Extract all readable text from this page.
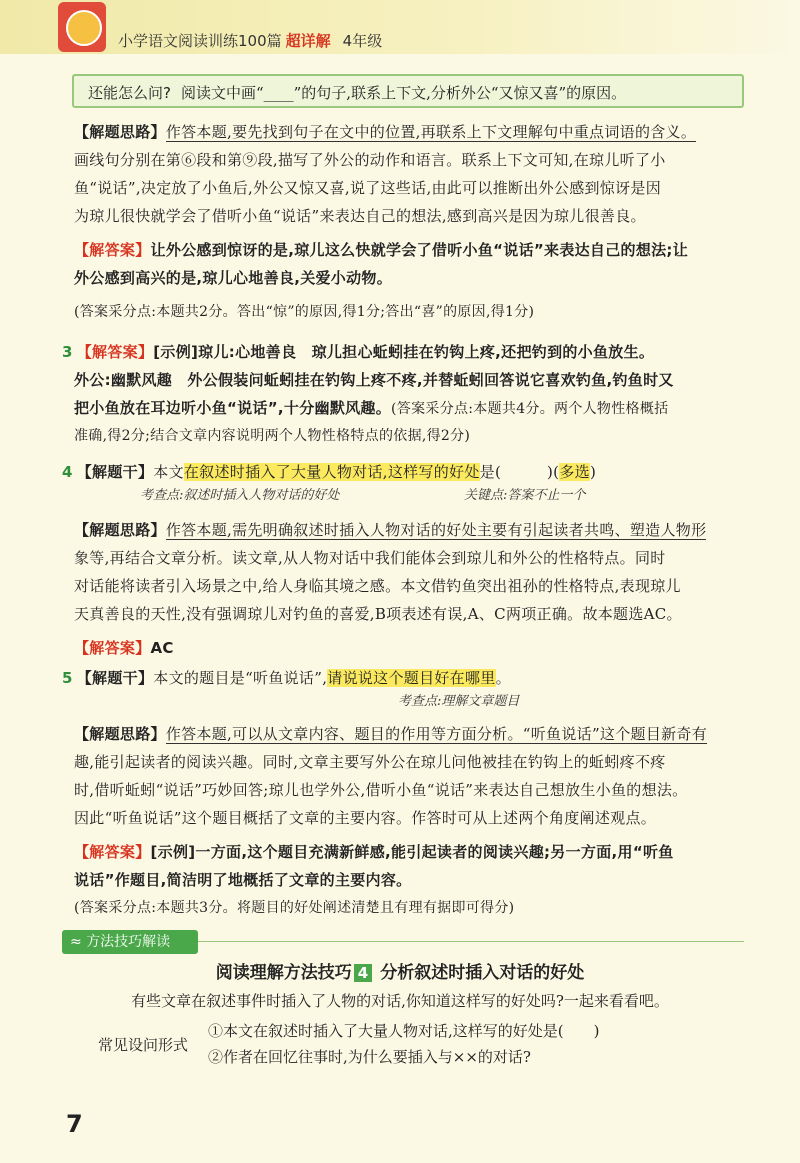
小学语文阅读训练100篇 超详解 4年级
还能怎么问? 阅读文中画“____”的句子,联系上下文,分析外公“又惊又喜”的原因。

【解题思路】作答本题,要先找到句子在文中的位置,再联系上下文理解句中重点词语的含义。

画线句分别在第⑥段和第⑨段,描写了外公的动作和语言。联系上下文可知,在琼儿听了小

鱼“说话”,决定放了小鱼后,外公又惊又喜,说了这些话,由此可以推断出外公感到惊讶是因

为琼儿很快就学会了借听小鱼“说话”来表达自己的想法,感到高兴是因为琼儿很善良。

【解答案】让外公感到惊讶的是,琼儿这么快就学会了借听小鱼“说话”来表达自己的想法;让

外公感到高兴的是,琼儿心地善良,关爱小动物。

(答案采分点:本题共2分。答出“惊”的原因,得1分;答出“喜”的原因,得1分)

3 【解答案】[示例]琼儿:心地善良　琼儿担心蚯蚓挂在钓钩上疼,还把钓到的小鱼放生。

外公:幽默风趣　外公假装问蚯蚓挂在钓钩上疼不疼,并替蚯蚓回答说它喜欢钓鱼,钓鱼时又

把小鱼放在耳边听小鱼“说话”,十分幽默风趣。(答案采分点:本题共4分。两个人物性格概括

准确,得2分;结合文章内容说明两个人物性格特点的依据,得2分)

4 【解题干】本文在叙述时插入了大量人物对话,这样写的好处是(　　　)(多选)

考查点:叙述时插入人物对话的好处	关键点:答案不止一个

【解题思路】作答本题,需先明确叙述时插入人物对话的好处主要有引起读者共鸣、塑造人物形

象等,再结合文章分析。读文章,从人物对话中我们能体会到琼儿和外公的性格特点。同时

对话能将读者引入场景之中,给人身临其境之感。本文借钓鱼突出祖孙的性格特点,表现琼儿

天真善良的天性,没有强调琼儿对钓鱼的喜爱,B项表述有误,A、C两项正确。故本题选AC。

【解答案】AC

5 【解题干】本文的题目是“听鱼说话”,请说说这个题目好在哪里。

考查点:理解文章题目

【解题思路】作答本题,可以从文章内容、题目的作用等方面分析。“听鱼说话”这个题目新奇有

趣,能引起读者的阅读兴趣。同时,文章主要写外公在琼儿问他被挂在钓钩上的蚯蚓疼不疼

时,借听蚯蚓“说话”巧妙回答;琼儿也学外公,借听小鱼“说话”来表达自己想放生小鱼的想法。

因此“听鱼说话”这个题目概括了文章的主要内容。作答时可从上述两个角度阐述观点。

【解答案】[示例]一方面,这个题目充满新鲜感,能引起读者的阅读兴趣;另一方面,用“听鱼

说话”作题目,简洁明了地概括了文章的主要内容。

(答案采分点:本题共3分。将题目的好处阐述清楚且有理有据即可得分)

≈ 方法技巧解读
阅读理解方法技巧 4 分析叙述时插入对话的好处
有些文章在叙述事件时插入了人物的对话,你知道这样写的好处吗?一起来看看吧。
常见设问形式
①本文在叙述时插入了大量人物对话,这样写的好处是(　　)
②作者在回忆往事时,为什么要插入与××的对话?
7
